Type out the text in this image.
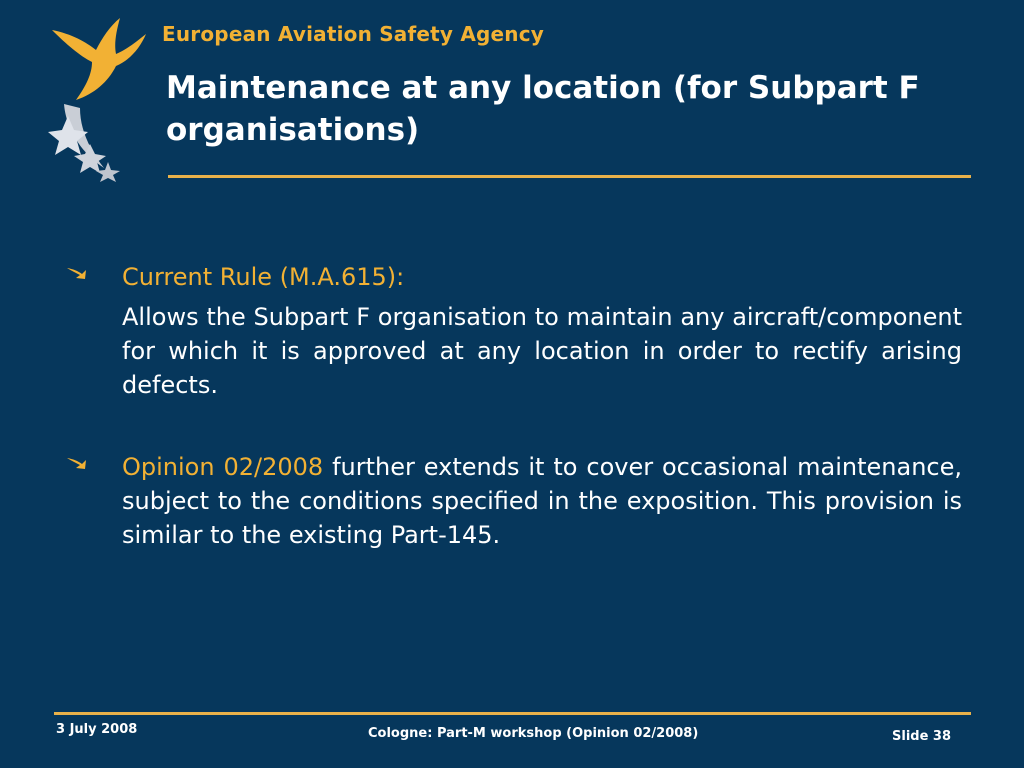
European Aviation Safety Agency
Maintenance at any location (for Subpart F organisations)
Current Rule (M.A.615):
Allows the Subpart F organisation to maintain any aircraft/component for which it is approved at any location in order to rectify arising defects.
Opinion 02/2008 further extends it to cover occasional maintenance, subject to the conditions specified in the exposition. This provision is similar to the existing Part-145.
3 July 2008	Cologne: Part-M workshop (Opinion 02/2008)	Slide 38
